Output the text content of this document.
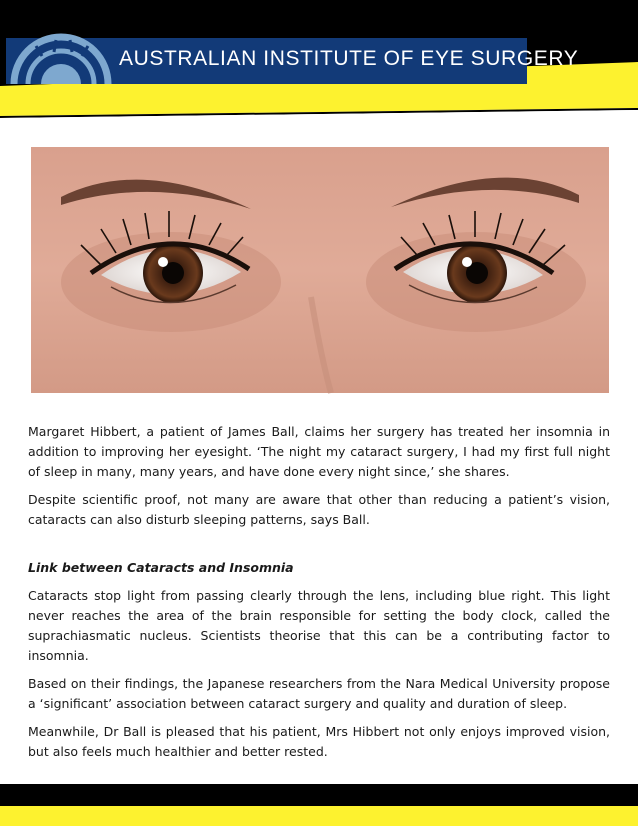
AUSTRALIAN INSTITUTE OF EYE SURGERY

Margaret Hibbert, a patient of James Ball, claims her surgery has treated her insomnia in addition to improving her eyesight. ‘The night my cataract surgery, I had my first full night of sleep in many, many years, and have done every night since,’ she shares.

Despite scientific proof, not many are aware that other than reducing a patient’s vision, cataracts can also disturb sleeping patterns, says Ball.

Link between Cataracts and Insomnia

Cataracts stop light from passing clearly through the lens, including blue right. This light never reaches the area of the brain responsible for setting the body clock, called the suprachiasmatic nucleus. Scientists theorise that this can be a contributing factor to insomnia.

Based on their findings, the Japanese researchers from the Nara Medical University propose a ‘significant’ association between cataract surgery and quality and duration of sleep.

Meanwhile, Dr Ball is pleased that his patient, Mrs Hibbert not only enjoys improved vision, but also feels much healthier and better rested.
